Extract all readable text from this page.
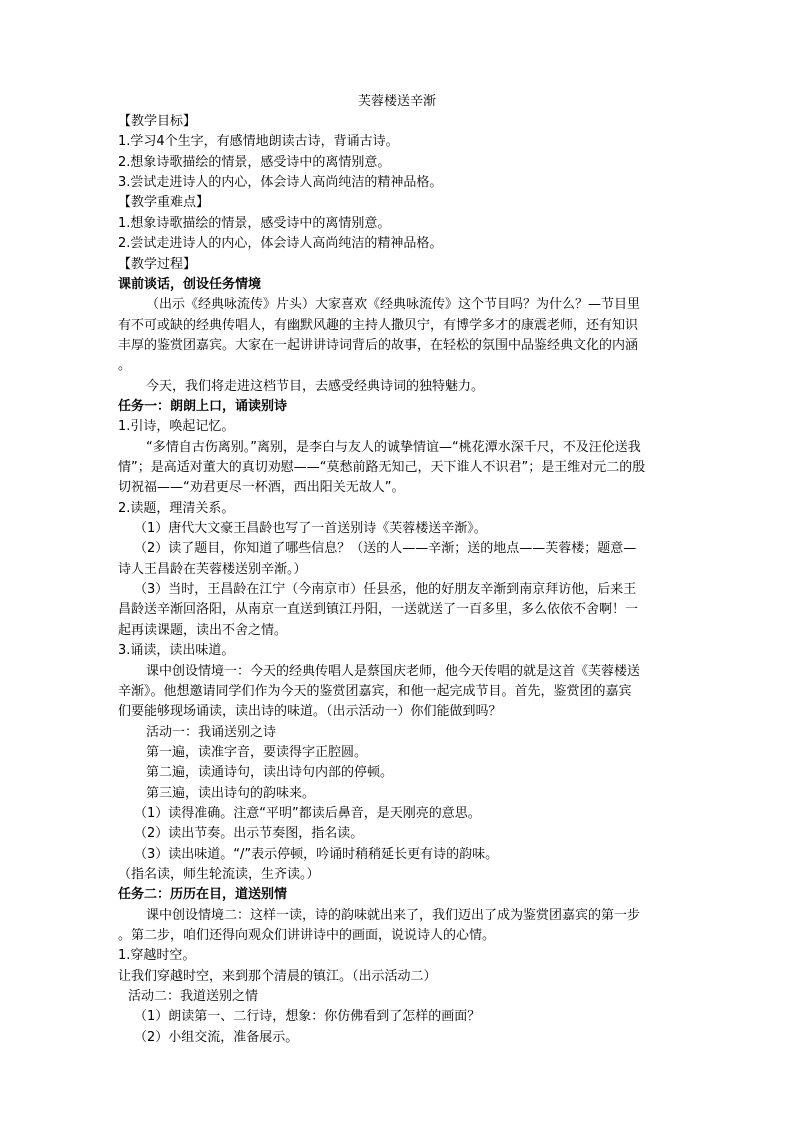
芙蓉楼送辛渐
【教学目标】
1.学习4个生字，有感情地朗读古诗，背诵古诗。
2.想象诗歌描绘的情景，感受诗中的离情别意。
3.尝试走进诗人的内心，体会诗人高尚纯洁的精神品格。
【教学重难点】
1.想象诗歌描绘的情景，感受诗中的离情别意。
2.尝试走进诗人的内心，体会诗人高尚纯洁的精神品格。
【教学过程】
课前谈话，创设任务情境
（出示《经典咏流传》片头）大家喜欢《经典咏流传》这个节目吗？为什么？—节目里
有不可或缺的经典传唱人，有幽默风趣的主持人撒贝宁，有博学多才的康震老师，还有知识
丰厚的鉴赏团嘉宾。大家在一起讲讲诗词背后的故事，在轻松的氛围中品鉴经典文化的内涵
。
今天，我们将走进这档节目，去感受经典诗词的独特魅力。
任务一：朗朗上口，诵读别诗
1.引诗，唤起记忆。
“多情自古伤离别。”离别，是李白与友人的诚挚情谊—“桃花潭水深千尺，不及汪伦送我
情”；是高适对董大的真切劝慰——“莫愁前路无知己，天下谁人不识君”；是王维对元二的殷
切祝福——“劝君更尽一杯酒，西出阳关无故人”。
2.读题，理清关系。
（1）唐代大文豪王昌龄也写了一首送别诗《芙蓉楼送辛渐》。
（2）读了题目，你知道了哪些信息？（送的人——辛渐；送的地点——芙蓉楼；题意—
诗人王昌龄在芙蓉楼送别辛渐。）
（3）当时，王昌龄在江宁（今南京市）任县丞，他的好朋友辛渐到南京拜访他，后来王
昌龄送辛渐回洛阳，从南京一直送到镇江丹阳，一送就送了一百多里，多么依依不舍啊！一
起再读课题，读出不舍之情。
3.诵读，读出味道。
课中创设情境一：今天的经典传唱人是蔡国庆老师，他今天传唱的就是这首《芙蓉楼送
辛渐》。他想邀请同学们作为今天的鉴赏团嘉宾，和他一起完成节目。首先，鉴赏团的嘉宾
们要能够现场诵读，读出诗的味道。（出示活动一）你们能做到吗？
活动一：我诵送别之诗
第一遍，读准字音，要读得字正腔圆。
第二遍，读通诗句，读出诗句内部的停顿。
第三遍，读出诗句的韵味来。
（1）读得准确。注意“平明”都读后鼻音，是天刚亮的意思。
（2）读出节奏。出示节奏图，指名读。
（3）读出味道。“/”表示停顿，吟诵时稍稍延长更有诗的韵味。
（指名读，师生轮流读，生齐读。）
任务二：历历在目，道送别情
课中创设情境二：这样一读，诗的韵味就出来了，我们迈出了成为鉴赏团嘉宾的第一步
。第二步，咱们还得向观众们讲讲诗中的画面，说说诗人的心情。
1.穿越时空。
让我们穿越时空，来到那个清晨的镇江。（出示活动二）
活动二：我道送别之情
（1）朗读第一、二行诗，想象：你仿佛看到了怎样的画面？
（2）小组交流，准备展示。
